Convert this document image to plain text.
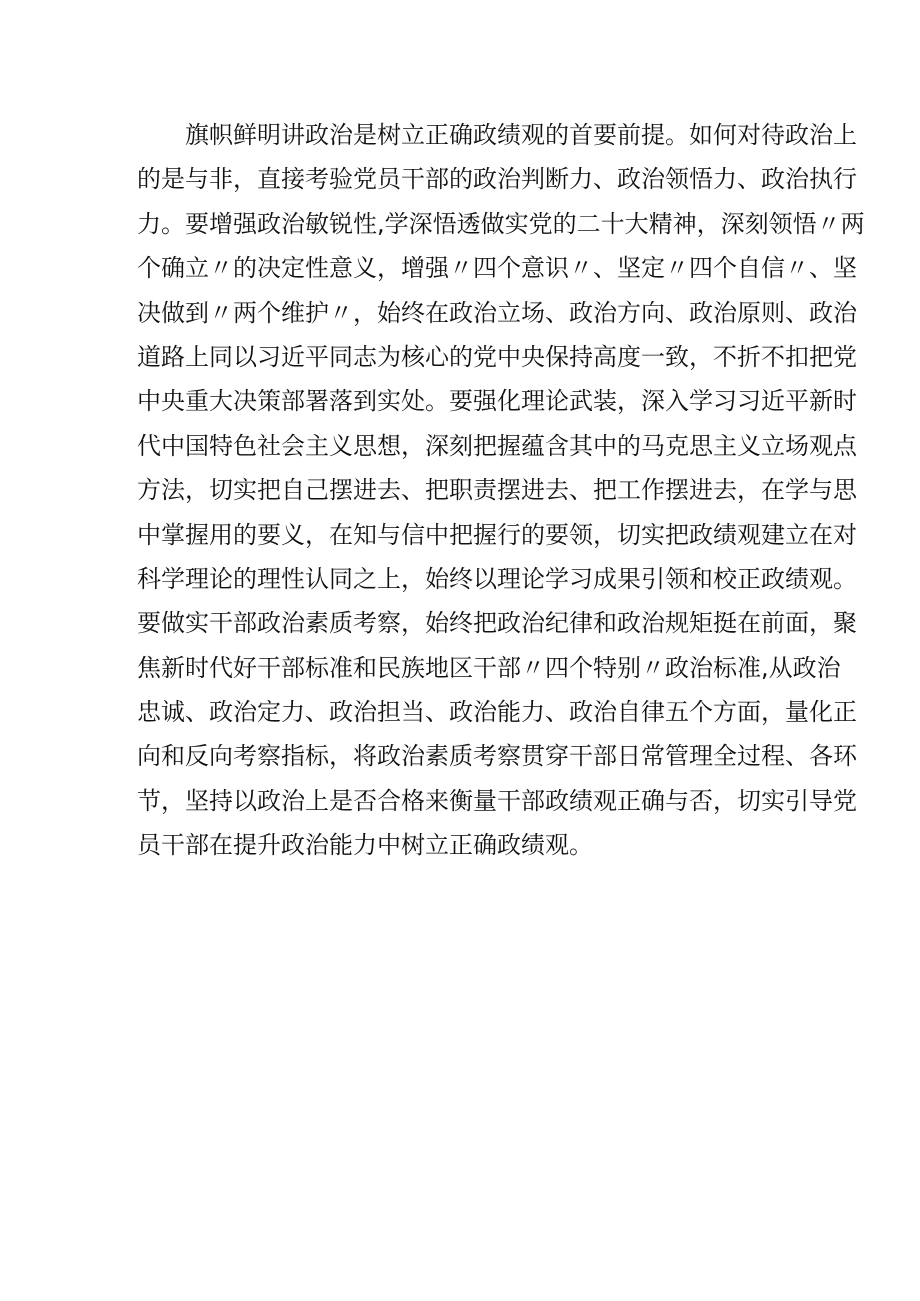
旗帜鲜明讲政治是树立正确政绩观的首要前提。如何对待政治上
的是与非，直接考验党员干部的政治判断力、政治领悟力、政治执行
力。要增强政治敏锐性,学深悟透做实党的二十大精神，深刻领悟〃两
个确立〃的决定性意义，增强〃四个意识〃、坚定〃四个自信〃、坚
决做到〃两个维护〃，始终在政治立场、政治方向、政治原则、政治
道路上同以习近平同志为核心的党中央保持高度一致，不折不扣把党
中央重大决策部署落到实处。要强化理论武装，深入学习习近平新时
代中国特色社会主义思想，深刻把握蕴含其中的马克思主义立场观点
方法，切实把自己摆进去、把职责摆进去、把工作摆进去，在学与思
中掌握用的要义，在知与信中把握行的要领，切实把政绩观建立在对
科学理论的理性认同之上，始终以理论学习成果引领和校正政绩观。
要做实干部政治素质考察，始终把政治纪律和政治规矩挺在前面，聚
焦新时代好干部标准和民族地区干部〃四个特别〃政治标准,从政治
忠诚、政治定力、政治担当、政治能力、政治自律五个方面，量化正
向和反向考察指标，将政治素质考察贯穿干部日常管理全过程、各环
节，坚持以政治上是否合格来衡量干部政绩观正确与否，切实引导党
员干部在提升政治能力中树立正确政绩观。
